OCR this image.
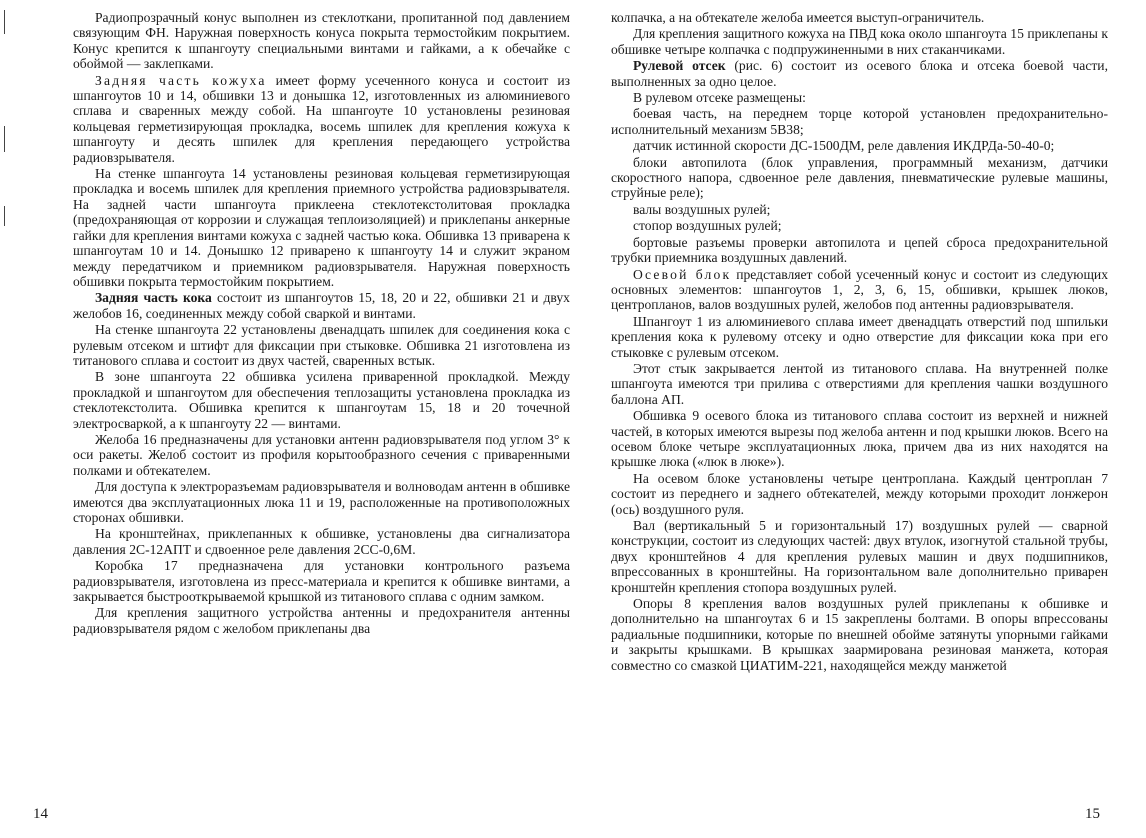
Радиопрозрачный конус выполнен из стеклоткани, пропитанной под давлением связующим ФН. Наружная поверхность конуса покрыта термостойким покрытием. Конус крепится к шпангоуту специальными винтами и гайками, а к обечайке с обоймой — заклепками.

Задняя часть кожуха имеет форму усеченного конуса и состоит из шпангоутов 10 и 14, обшивки 13 и донышка 12, изготовленных из алюминиевого сплава и сваренных между собой. На шпангоуте 10 установлены резиновая кольцевая герметизирующая прокладка, восемь шпилек для крепления кожуха к шпангоуту и десять шпилек для крепления передающего устройства радиовзрывателя.

На стенке шпангоута 14 установлены резиновая кольцевая герметизирующая прокладка и восемь шпилек для крепления приемного устройства радиовзрывателя. На задней части шпангоута приклеена стеклотекстолитовая прокладка (предохраняющая от коррозии и служащая теплоизоляцией) и приклепаны анкерные гайки для крепления винтами кожуха с задней частью кока. Обшивка 13 приварена к шпангоутам 10 и 14. Донышко 12 приварено к шпангоуту 14 и служит экраном между передатчиком и приемником радиовзрывателя. Наружная поверхность обшивки покрыта термостойким покрытием.

Задняя часть кока состоит из шпангоутов 15, 18, 20 и 22, обшивки 21 и двух желобов 16, соединенных между собой сваркой и винтами.

На стенке шпангоута 22 установлены двенадцать шпилек для соединения кока с рулевым отсеком и штифт для фиксации при стыковке. Обшивка 21 изготовлена из титанового сплава и состоит из двух частей, сваренных встык.

В зоне шпангоута 22 обшивка усилена приваренной прокладкой. Между прокладкой и шпангоутом для обеспечения теплозащиты установлена прокладка из стеклотекстолита. Обшивка крепится к шпангоутам 15, 18 и 20 точечной электросваркой, а к шпангоуту 22 — винтами.

Желоба 16 предназначены для установки антенн радиовзрывателя под углом 3° к оси ракеты. Желоб состоит из профиля корытообразного сечения с приваренными полками и обтекателем.

Для доступа к электроразъемам радиовзрывателя и волноводам антенн в обшивке имеются два эксплуатационных люка 11 и 19, расположенные на противоположных сторонах обшивки.

На кронштейнах, приклепанных к обшивке, установлены два сигнализатора давления 2С-12АПТ и сдвоенное реле давления 2СС-0,6М.

Коробка 17 предназначена для установки контрольного разъема радиовзрывателя, изготовлена из пресс-материала и крепится к обшивке винтами, а закрывается быстрооткрываемой крышкой из титанового сплава с одним замком.

Для крепления защитного устройства антенны и предохранителя антенны радиовзрывателя рядом с желобом приклепаны два

колпачка, а на обтекателе желоба имеется выступ-ограничитель.

Для крепления защитного кожуха на ПВД кока около шпангоута 15 приклепаны к обшивке четыре колпачка с подпружиненными в них стаканчиками.

Рулевой отсек (рис. 6) состоит из осевого блока и отсека боевой части, выполненных за одно целое.

В рулевом отсеке размещены:

боевая часть, на переднем торце которой установлен предохранительно-исполнительный механизм 5В38;

датчик истинной скорости ДС-1500ДМ, реле давления ИКДРДа-50-40-0;

блоки автопилота (блок управления, программный механизм, датчики скоростного напора, сдвоенное реле давления, пневматические рулевые машины, струйные реле);

валы воздушных рулей;

стопор воздушных рулей;

бортовые разъемы проверки автопилота и цепей сброса предохранительной трубки приемника воздушных давлений.

Осевой блок представляет собой усеченный конус и состоит из следующих основных элементов: шпангоутов 1, 2, 3, 6, 15, обшивки, крышек люков, центропланов, валов воздушных рулей, желобов под антенны радиовзрывателя.

Шпангоут 1 из алюминиевого сплава имеет двенадцать отверстий под шпильки крепления кока к рулевому отсеку и одно отверстие для фиксации кока при его стыковке с рулевым отсеком.

Этот стык закрывается лентой из титанового сплава. На внутренней полке шпангоута имеются три прилива с отверстиями для крепления чашки воздушного баллона АП.

Обшивка 9 осевого блока из титанового сплава состоит из верхней и нижней частей, в которых имеются вырезы под желоба антенн и под крышки люков. Всего на осевом блоке четыре эксплуатационных люка, причем два из них находятся на крышке люка («люк в люке»).

На осевом блоке установлены четыре центроплана. Каждый центроплан 7 состоит из переднего и заднего обтекателей, между которыми проходит лонжерон (ось) воздушного руля.

Вал (вертикальный 5 и горизонтальный 17) воздушных рулей — сварной конструкции, состоит из следующих частей: двух втулок, изогнутой стальной трубы, двух кронштейнов 4 для крепления рулевых машин и двух подшипников, впрессованных в кронштейны. На горизонтальном вале дополнительно приварен кронштейн крепления стопора воздушных рулей.

Опоры 8 крепления валов воздушных рулей приклепаны к обшивке и дополнительно на шпангоутах 6 и 15 закреплены болтами. В опоры впрессованы радиальные подшипники, которые по внешней обойме затянуты упорными гайками и закрыты крышками. В крышках заармирована резиновая манжета, которая совместно со смазкой ЦИАТИМ-221, находящейся между манжетой

14	15
